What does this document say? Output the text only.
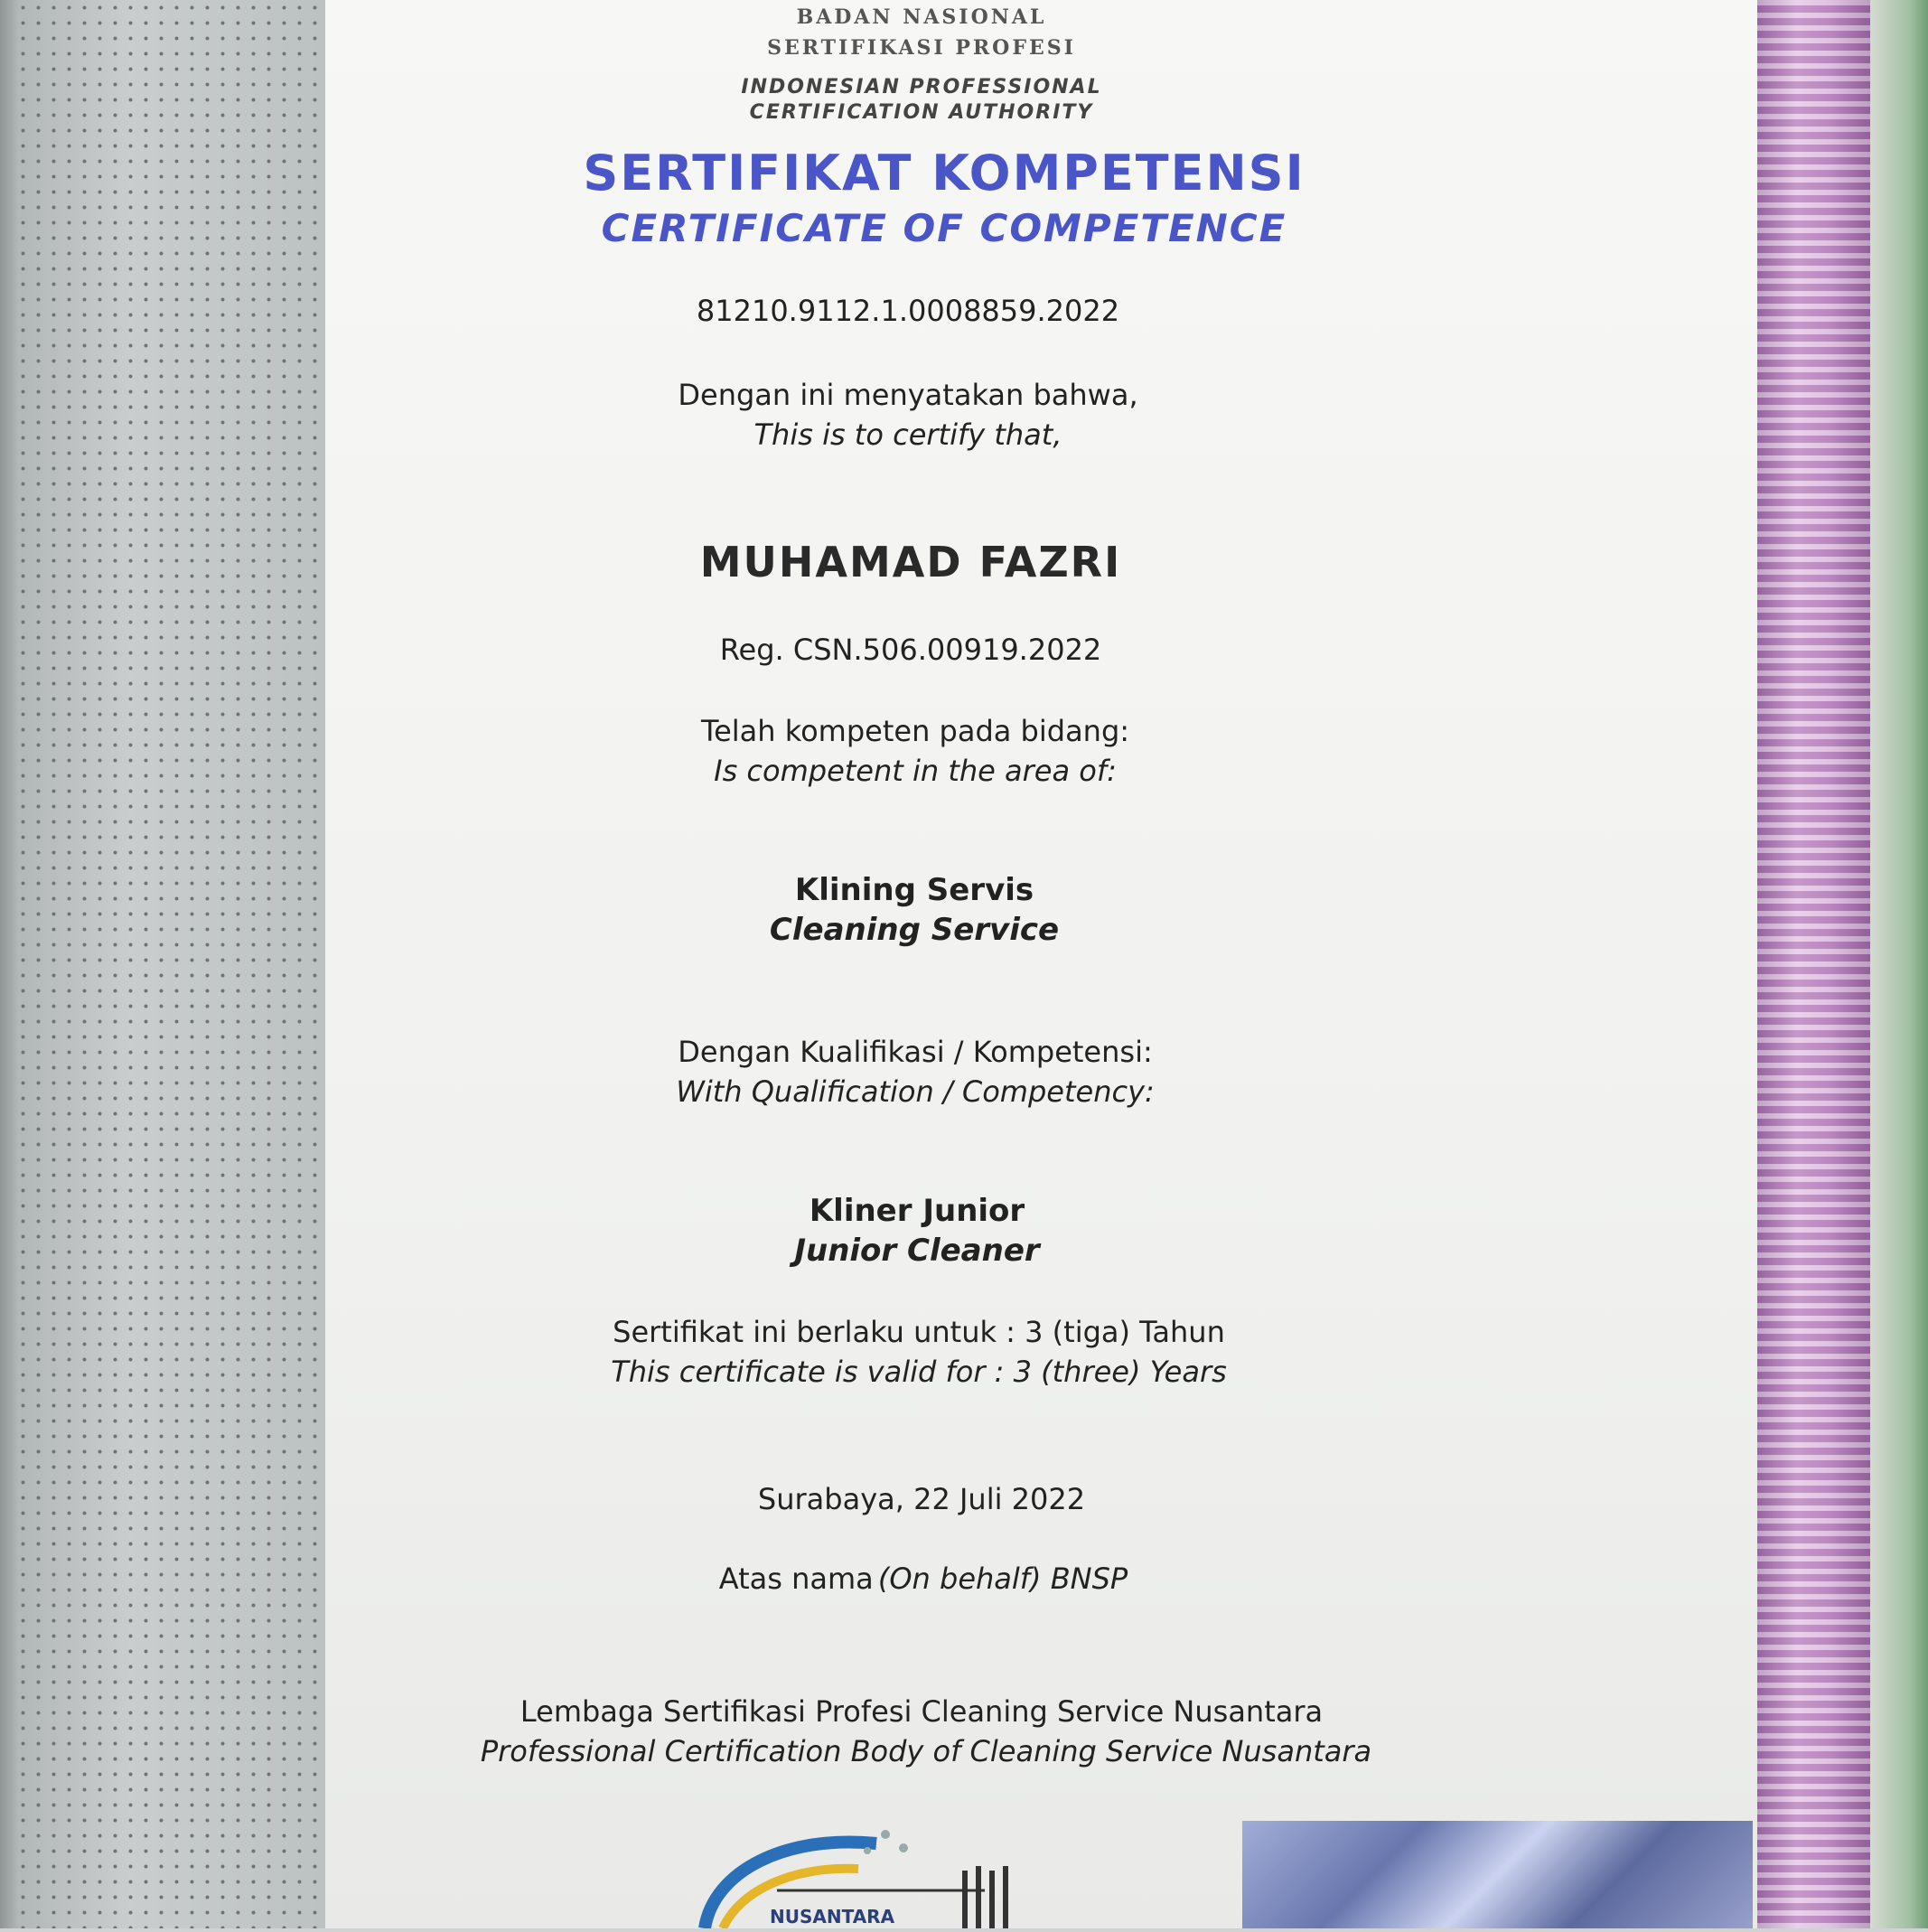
BADAN NASIONAL
SERTIFIKASI PROFESI
INDONESIAN PROFESSIONAL
CERTIFICATION AUTHORITY
SERTIFIKAT KOMPETENSI
CERTIFICATE OF COMPETENCE
81210.9112.1.0008859.2022
Dengan ini menyatakan bahwa,
This is to certify that,
MUHAMAD FAZRI
Reg. CSN.506.00919.2022
Telah kompeten pada bidang:
Is competent in the area of:
Klining Servis
Cleaning Service
Dengan Kualifikasi / Kompetensi:
With Qualification / Competency:
Kliner Junior
Junior Cleaner
Sertifikat ini berlaku untuk : 3 (tiga) Tahun
This certificate is valid for : 3 (three) Years
Surabaya, 22 Juli 2022
Atas nama (On behalf) BNSP
Lembaga Sertifikasi Profesi Cleaning Service Nusantara
Professional Certification Body of Cleaning Service Nusantara
NUSANTARA
